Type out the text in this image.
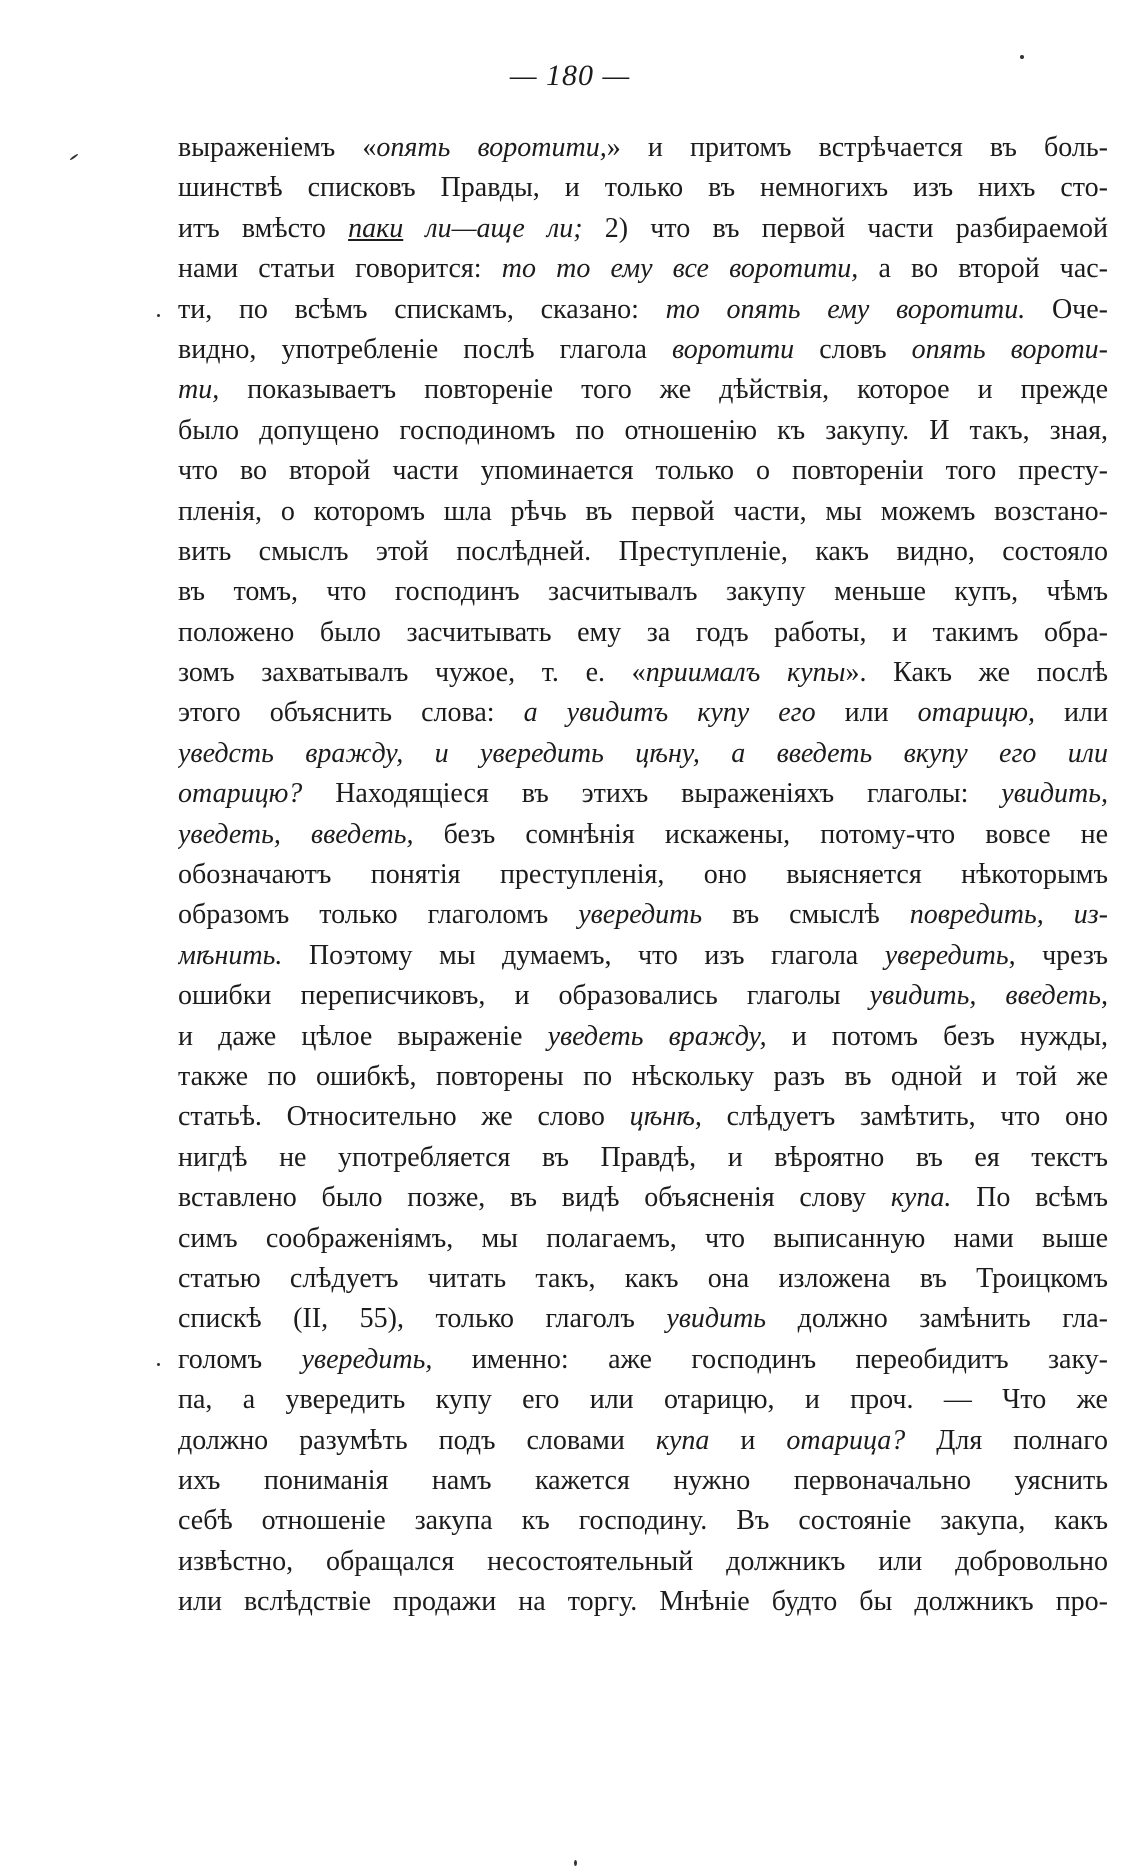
— 180 —
выраженіемъ «опять воротити,» и притомъ встрѣчается въ боль-
шинствѣ списковъ Правды, и только въ немногихъ изъ нихъ сто-
итъ вмѣсто паки ли—аще ли; 2) что въ первой части разбираемой
нами статьи говорится: то то ему все воротити, а во второй час-
ти, по всѣмъ спискамъ, сказано: то опять ему воротити. Оче-
видно, употребленіе послѣ глагола воротити словъ опять вороти-
ти, показываетъ повтореніе того же дѣйствія, которое и прежде
было допущено господиномъ по отношенію къ закупу. И такъ, зная,
что во второй части упоминается только о повтореніи того престу-
пленія, о которомъ шла рѣчь въ первой части, мы можемъ возстано-
вить смыслъ этой послѣдней. Преступленіе, какъ видно, состояло
въ томъ, что господинъ засчитывалъ закупу меньше купъ, чѣмъ
положено было засчитывать ему за годъ работы, и такимъ обра-
зомъ захватывалъ чужое, т. е. «приималъ купы». Какъ же послѣ
этого объяснить слова: а увидитъ купу его или отарицю, или
уведсть вражду, и увередить цѣну, а введеть вкупу его или
отарицю? Находящіеся въ этихъ выраженіяхъ глаголы: увидить,
уведеть, введеть, безъ сомнѣнія искажены, потому-что вовсе не
обозначаютъ понятія преступленія, оно выясняется нѣкоторымъ
образомъ только глаголомъ увередить въ смыслѣ повредить, из-
мѣнить. Поэтому мы думаемъ, что изъ глагола увередить, чрезъ
ошибки переписчиковъ, и образовались глаголы увидить, введеть,
и даже цѣлое выраженіе уведеть вражду, и потомъ безъ нужды,
также по ошибкѣ, повторены по нѣскольку разъ въ одной и той же
статьѣ. Относительно же слово цѣнѣ, слѣдуетъ замѣтить, что оно
нигдѣ не употребляется въ Правдѣ, и вѣроятно въ ея текстъ
вставлено было позже, въ видѣ объясненія слову купа. По всѣмъ
симъ соображеніямъ, мы полагаемъ, что выписанную нами выше
статью слѣдуетъ читать такъ, какъ она изложена въ Троицкомъ
спискѣ (II, 55), только глаголъ увидить должно замѣнить гла-
голомъ увередить, именно: аже господинъ переобидитъ заку-
па, а увередить купу его или отарицю, и проч. — Что же
должно разумѣть подъ словами купа и отарица? Для полнаго
ихъ пониманія намъ кажется нужно первоначально уяснить
себѣ отношеніе закупа къ господину. Въ состояніе закупа, какъ
извѣстно, обращался несостоятельный должникъ или добровольно
или вслѣдствіе продажи на торгу. Мнѣніе будто бы должникъ про-
